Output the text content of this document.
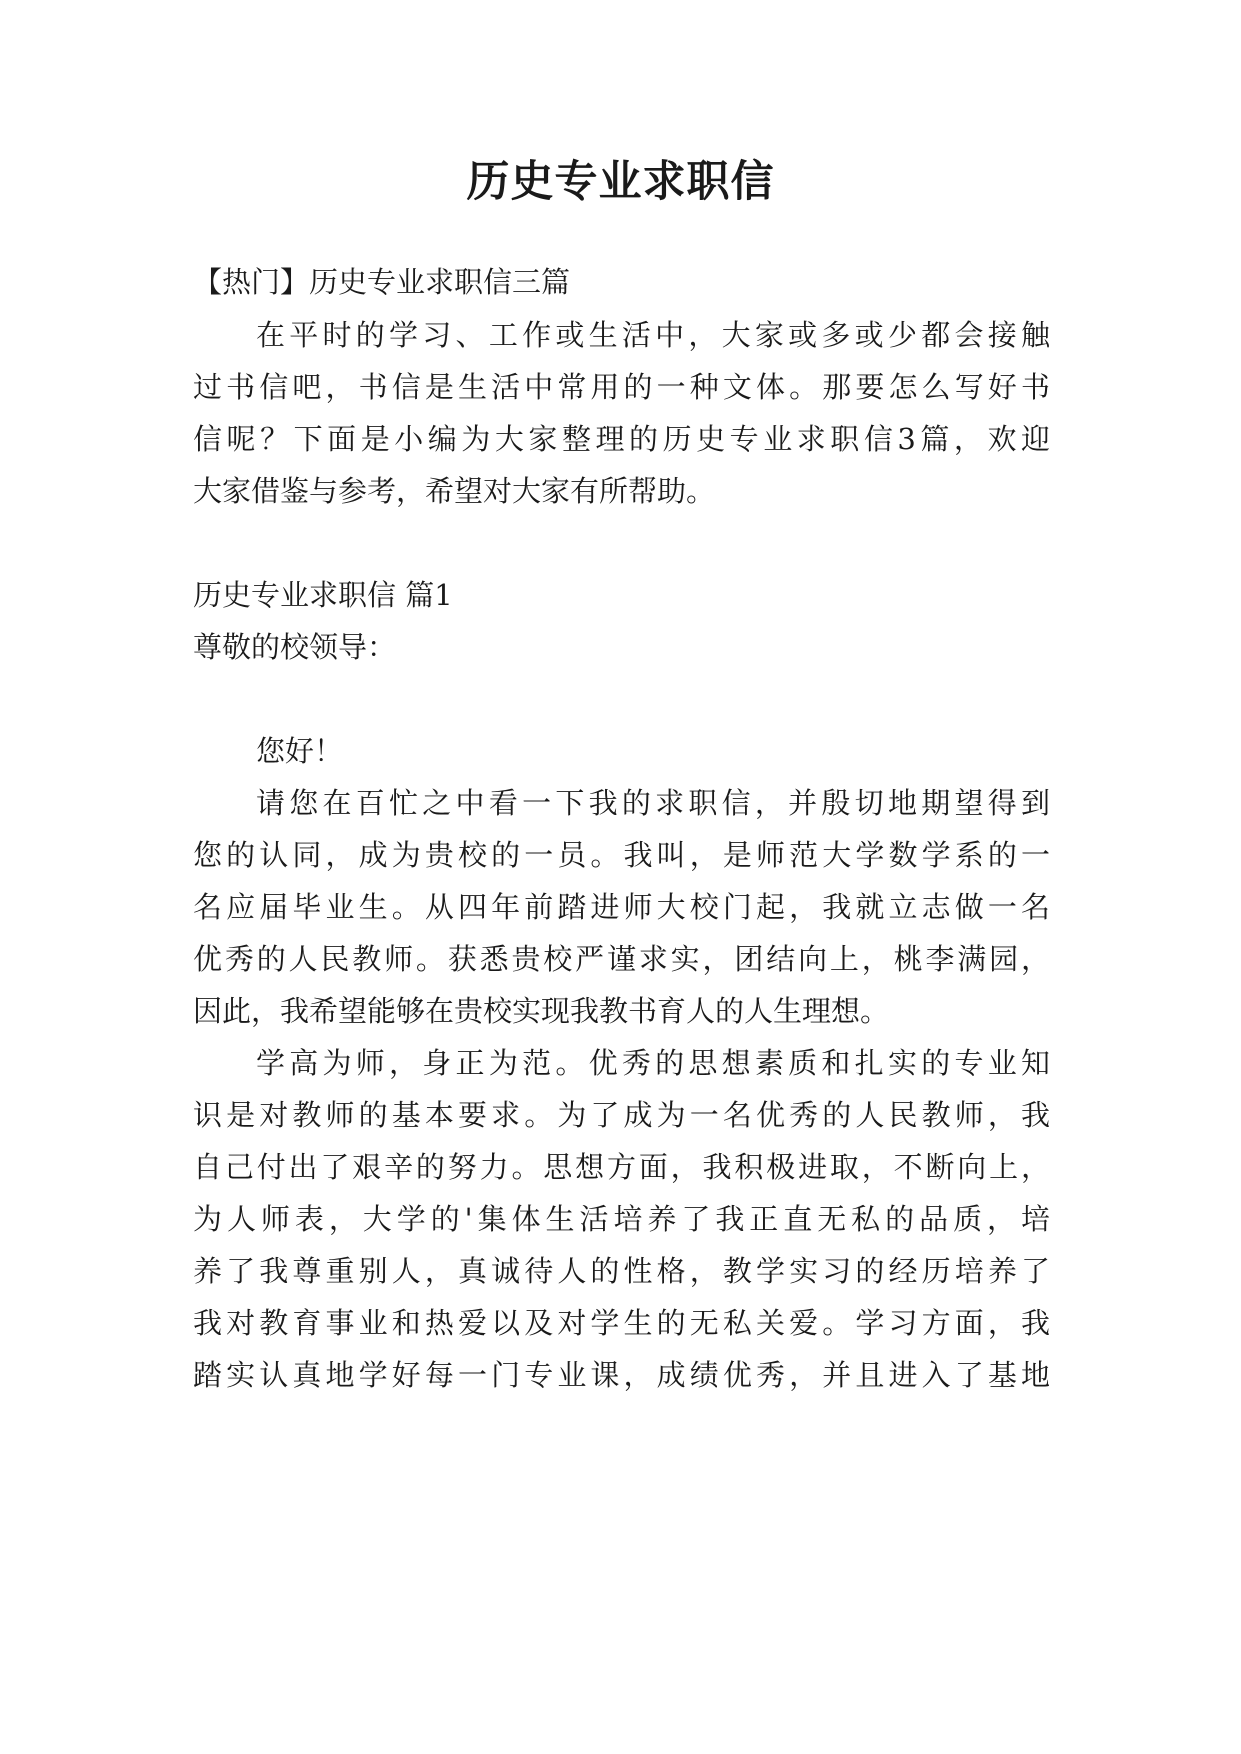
历史专业求职信

【热门】历史专业求职信三篇

在平时的学习、工作或生活中，大家或多或少都会接触

过书信吧，书信是生活中常用的一种文体。那要怎么写好书

信呢？下面是小编为大家整理的历史专业求职信3篇，欢迎

大家借鉴与参考，希望对大家有所帮助。

历史专业求职信 篇1

尊敬的校领导：

您好！

请您在百忙之中看一下我的求职信，并殷切地期望得到

您的认同，成为贵校的一员。我叫，是师范大学数学系的一

名应届毕业生。从四年前踏进师大校门起，我就立志做一名

优秀的人民教师。获悉贵校严谨求实，团结向上，桃李满园，

因此，我希望能够在贵校实现我教书育人的人生理想。

学高为师，身正为范。优秀的思想素质和扎实的专业知

识是对教师的基本要求。为了成为一名优秀的人民教师，我

自己付出了艰辛的努力。思想方面，我积极进取，不断向上，

为人师表，大学的'集体生活培养了我正直无私的品质，培

养了我尊重别人，真诚待人的性格，教学实习的经历培养了

我对教育事业和热爱以及对学生的无私关爱。学习方面，我

踏实认真地学好每一门专业课，成绩优秀，并且进入了基地
